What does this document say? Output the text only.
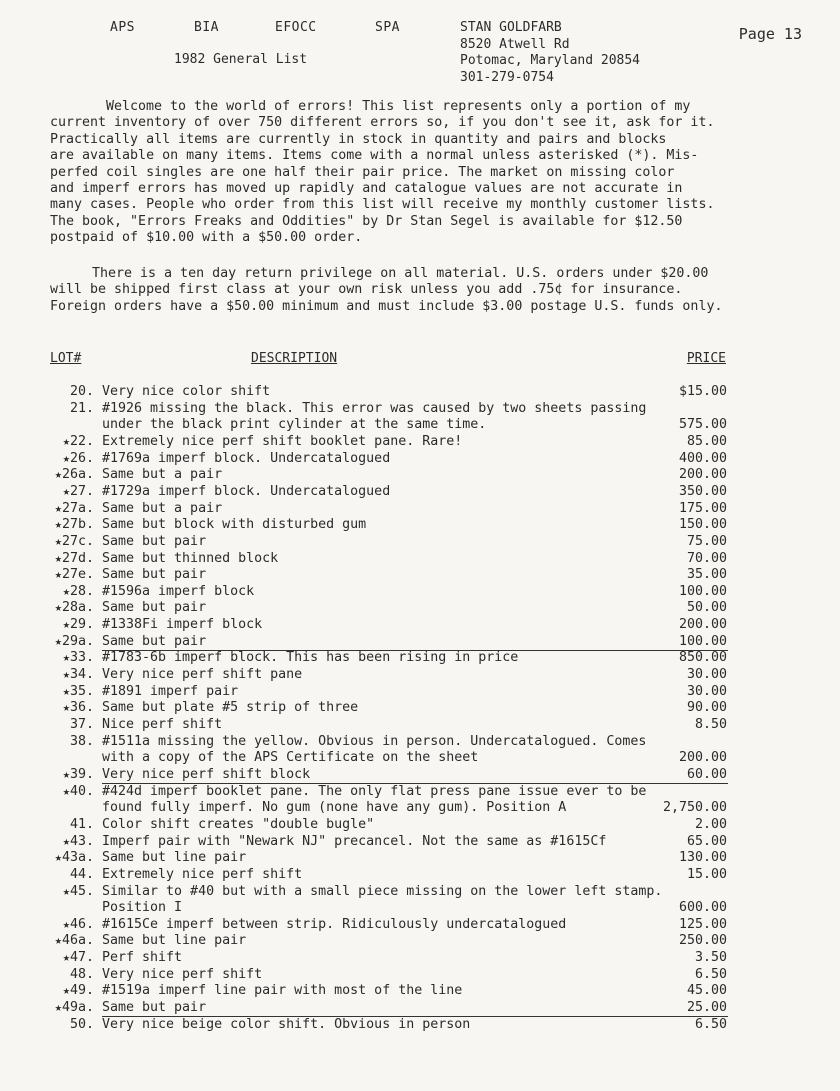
APS	BIA	EFOCC	SPA	STAN GOLDFARB
8520 Atwell Rd
Potomac, Maryland 20854
301-279-0754
Page 13
1982 General List
Welcome to the world of errors! This list represents only a portion of my
current inventory of over 750 different errors so, if you don't see it, ask for it.
Practically all items are currently in stock in quantity and pairs and blocks
are available on many items. Items come with a normal unless asterisked (*). Mis-
perfed coil singles are one half their pair price. The market on missing color
and imperf errors has moved up rapidly and catalogue values are not accurate in
many cases. People who order from this list will receive my monthly customer lists.
The book, "Errors Freaks and Oddities" by Dr Stan Segel is available for $12.50
postpaid of $10.00 with a $50.00 order.
There is a ten day return privilege on all material. U.S. orders under $20.00
will be shipped first class at your own risk unless you add .75¢ for insurance.
Foreign orders have a $50.00 minimum and must include $3.00 postage U.S. funds only.
LOT#	DESCRIPTION	PRICE
20. Very nice color shift	$15.00
21. #1926 missing the black. This error was caused by two sheets passing
under the black print cylinder at the same time.	575.00
★22. Extremely nice perf shift booklet pane. Rare!	85.00
★26. #1769a imperf block. Undercatalogued	400.00
★26a. Same but a pair	200.00
★27. #1729a imperf block. Undercatalogued	350.00
★27a. Same but a pair	175.00
★27b. Same but block with disturbed gum	150.00
★27c. Same but pair	75.00
★27d. Same but thinned block	70.00
★27e. Same but pair	35.00
★28. #1596a imperf block	100.00
★28a. Same but pair	50.00
★29. #1338Fi imperf block	200.00
★29a. Same but pair	100.00
★33. #1783-6b imperf block. This has been rising in price	850.00
★34. Very nice perf shift pane	30.00
★35. #1891 imperf pair	30.00
★36. Same but plate #5 strip of three	90.00
37. Nice perf shift	8.50
38. #1511a missing the yellow. Obvious in person. Undercatalogued. Comes
with a copy of the APS Certificate on the sheet	200.00
★39. Very nice perf shift block	60.00
★40. #424d imperf booklet pane. The only flat press pane issue ever to be
found fully imperf. No gum (none have any gum). Position A	2,750.00
41. Color shift creates "double bugle"	2.00
★43. Imperf pair with "Newark NJ" precancel. Not the same as #1615Cf	65.00
★43a. Same but line pair	130.00
44. Extremely nice perf shift	15.00
★45. Similar to #40 but with a small piece missing on the lower left stamp.
Position I	600.00
★46. #1615Ce imperf between strip. Ridiculously undercatalogued	125.00
★46a. Same but line pair	250.00
★47. Perf shift	3.50
48. Very nice perf shift	6.50
★49. #1519a imperf line pair with most of the line	45.00
★49a. Same but pair	25.00
50. Very nice beige color shift. Obvious in person	6.50
